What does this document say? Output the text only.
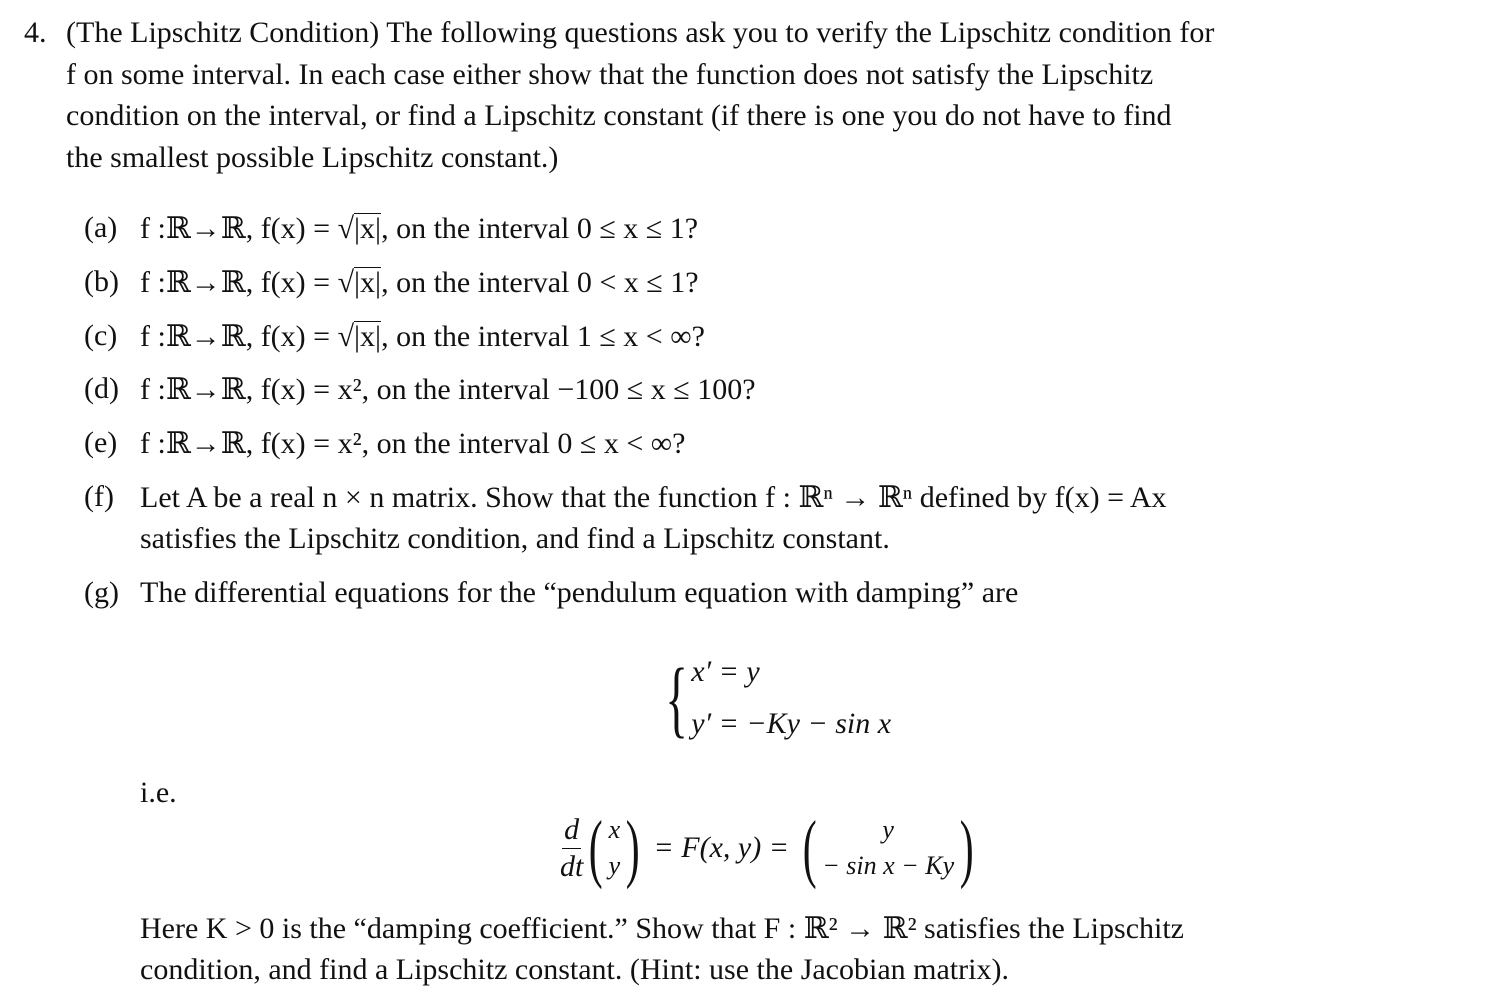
4. (The Lipschitz Condition) The following questions ask you to verify the Lipschitz condition for
f on some interval. In each case either show that the function does not satisfy the Lipschitz
condition on the interval, or find a Lipschitz constant (if there is one you do not have to find
the smallest possible Lipschitz constant.)
(a) f :ℝ→ℝ, f(x) = √|x|, on the interval 0 ≤ x ≤ 1?
(b) f :ℝ→ℝ, f(x) = √|x|, on the interval 0 < x ≤ 1?
(c) f :ℝ→ℝ, f(x) = √|x|, on the interval 1 ≤ x < ∞?
(d) f :ℝ→ℝ, f(x) = x², on the interval −100 ≤ x ≤ 100?
(e) f :ℝ→ℝ, f(x) = x², on the interval 0 ≤ x < ∞?
(f) Let A be a real n × n matrix. Show that the function f : ℝⁿ → ℝⁿ defined by f(x) = Ax
satisfies the Lipschitz condition, and find a Lipschitz constant.
(g) The differential equations for the “pendulum equation with damping” are
{ x′ = y
y′ = −Ky − sin x
i.e.
$\frac{d}{dt}$ ( x
y ) = F(x, y) = (	y
− sin x − Ky )
Here K > 0 is the “damping coefficient.” Show that F : ℝ² → ℝ² satisfies the Lipschitz
condition, and find a Lipschitz constant. (Hint: use the Jacobian matrix).
